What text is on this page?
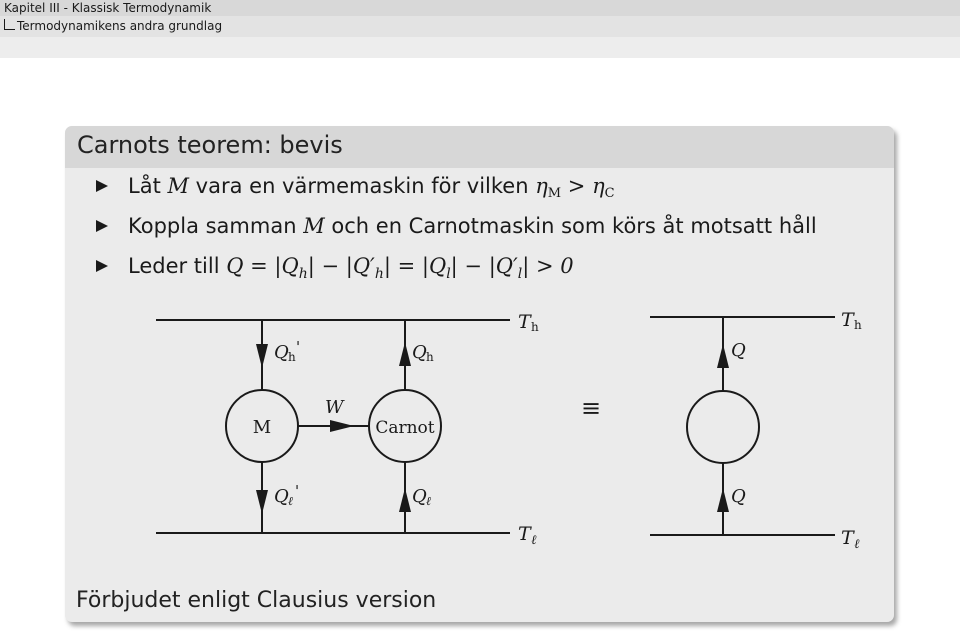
Kapitel III - Klassisk Termodynamik
Termodynamikens andra grundlag
Carnots teorem: bevis
Låt M vara en värmemaskin för vilken $\eta_M > \eta_C$
Koppla samman M och en Carnotmaskin som körs åt motsatt håll
Leder till $Q = |Q_h| - |Q'_h| = |Q_l| - |Q'_l| > 0$
T h
T ℓ
Q h
'	Q h
Q ℓ
'	Q ℓ
M	Carnot
W	≡
T h
T ℓ
Q
Q
Förbjudet enligt Clausius version
